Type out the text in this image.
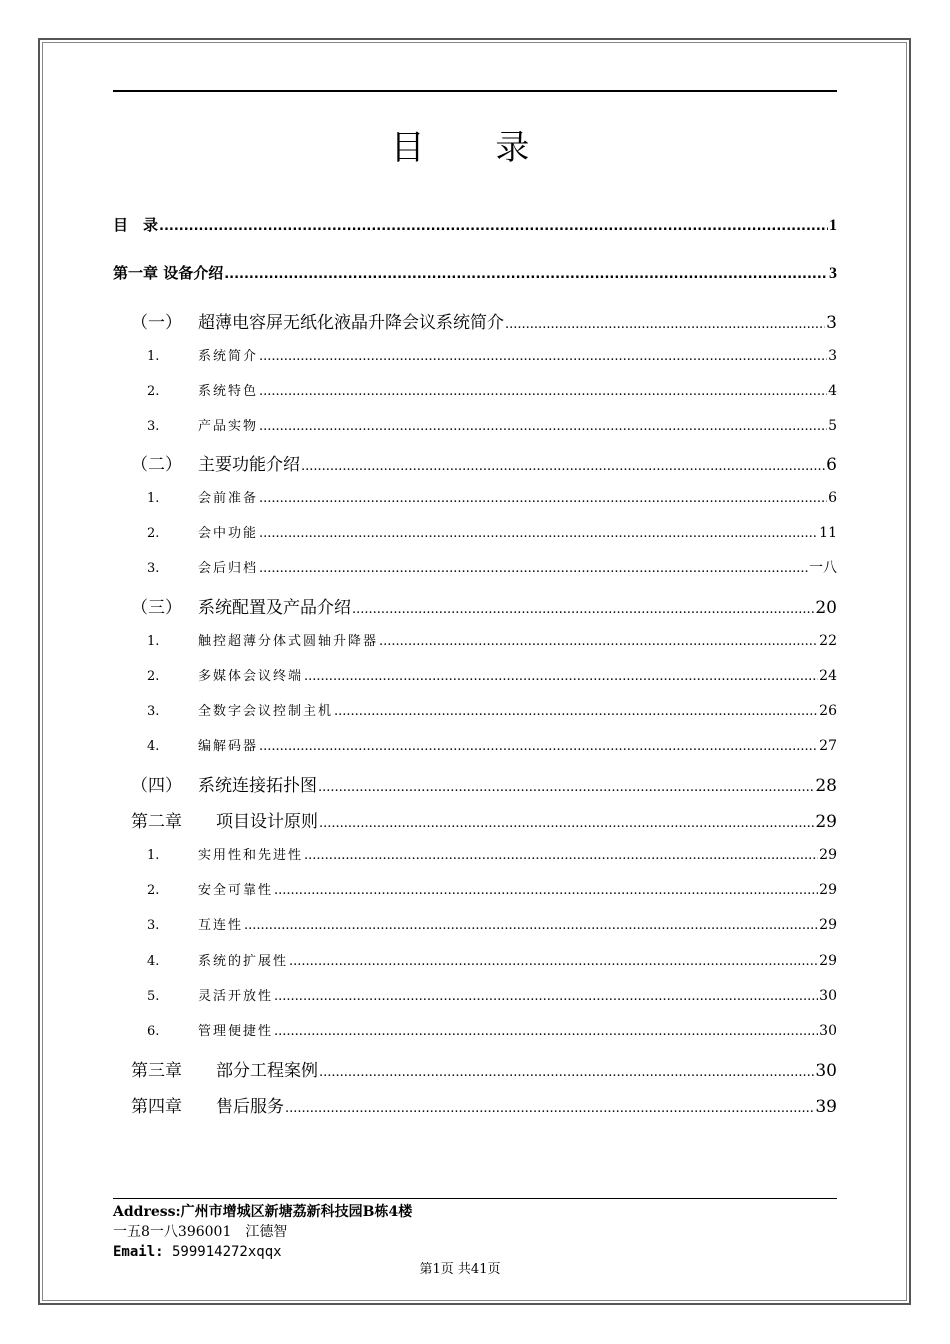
目 录
目　录 .....	1
第一章 设备介绍 .....	3
（一） 超薄电容屏无纸化液晶升降会议系统简介 .....	3
1.	系统简介 .....	3
2.	系统特色 .....	4
3.	产品实物 .....	5
（二） 主要功能介绍 .....	6
1.	会前准备 .....	6
2.	会中功能 .....	11
3.	会后归档 .....	一八
（三） 系统配置及产品介绍 .....	20
1.	触控超薄分体式圆轴升降器 .....	22
2.	多媒体会议终端 .....	24
3.	全数字会议控制主机 .....	26
4.	编解码器 .....	27
（四） 系统连接拓扑图 .....	28
第二章	项目设计原则 .....	29
1.	实用性和先进性 .....	29
2.	安全可靠性 .....	29
3.	互连性 .....	29
4.	系统的扩展性 .....	29
5.	灵活开放性 .....	30
6.	管理便捷性 .....	30
第三章	部分工程案例 .....	30
第四章	售后服务 .....	39
Address:广州市增城区新塘荔新科技园B栋4楼
一五8一八396001　江德智
Email: 599914272xqqx
第1页 共41页
